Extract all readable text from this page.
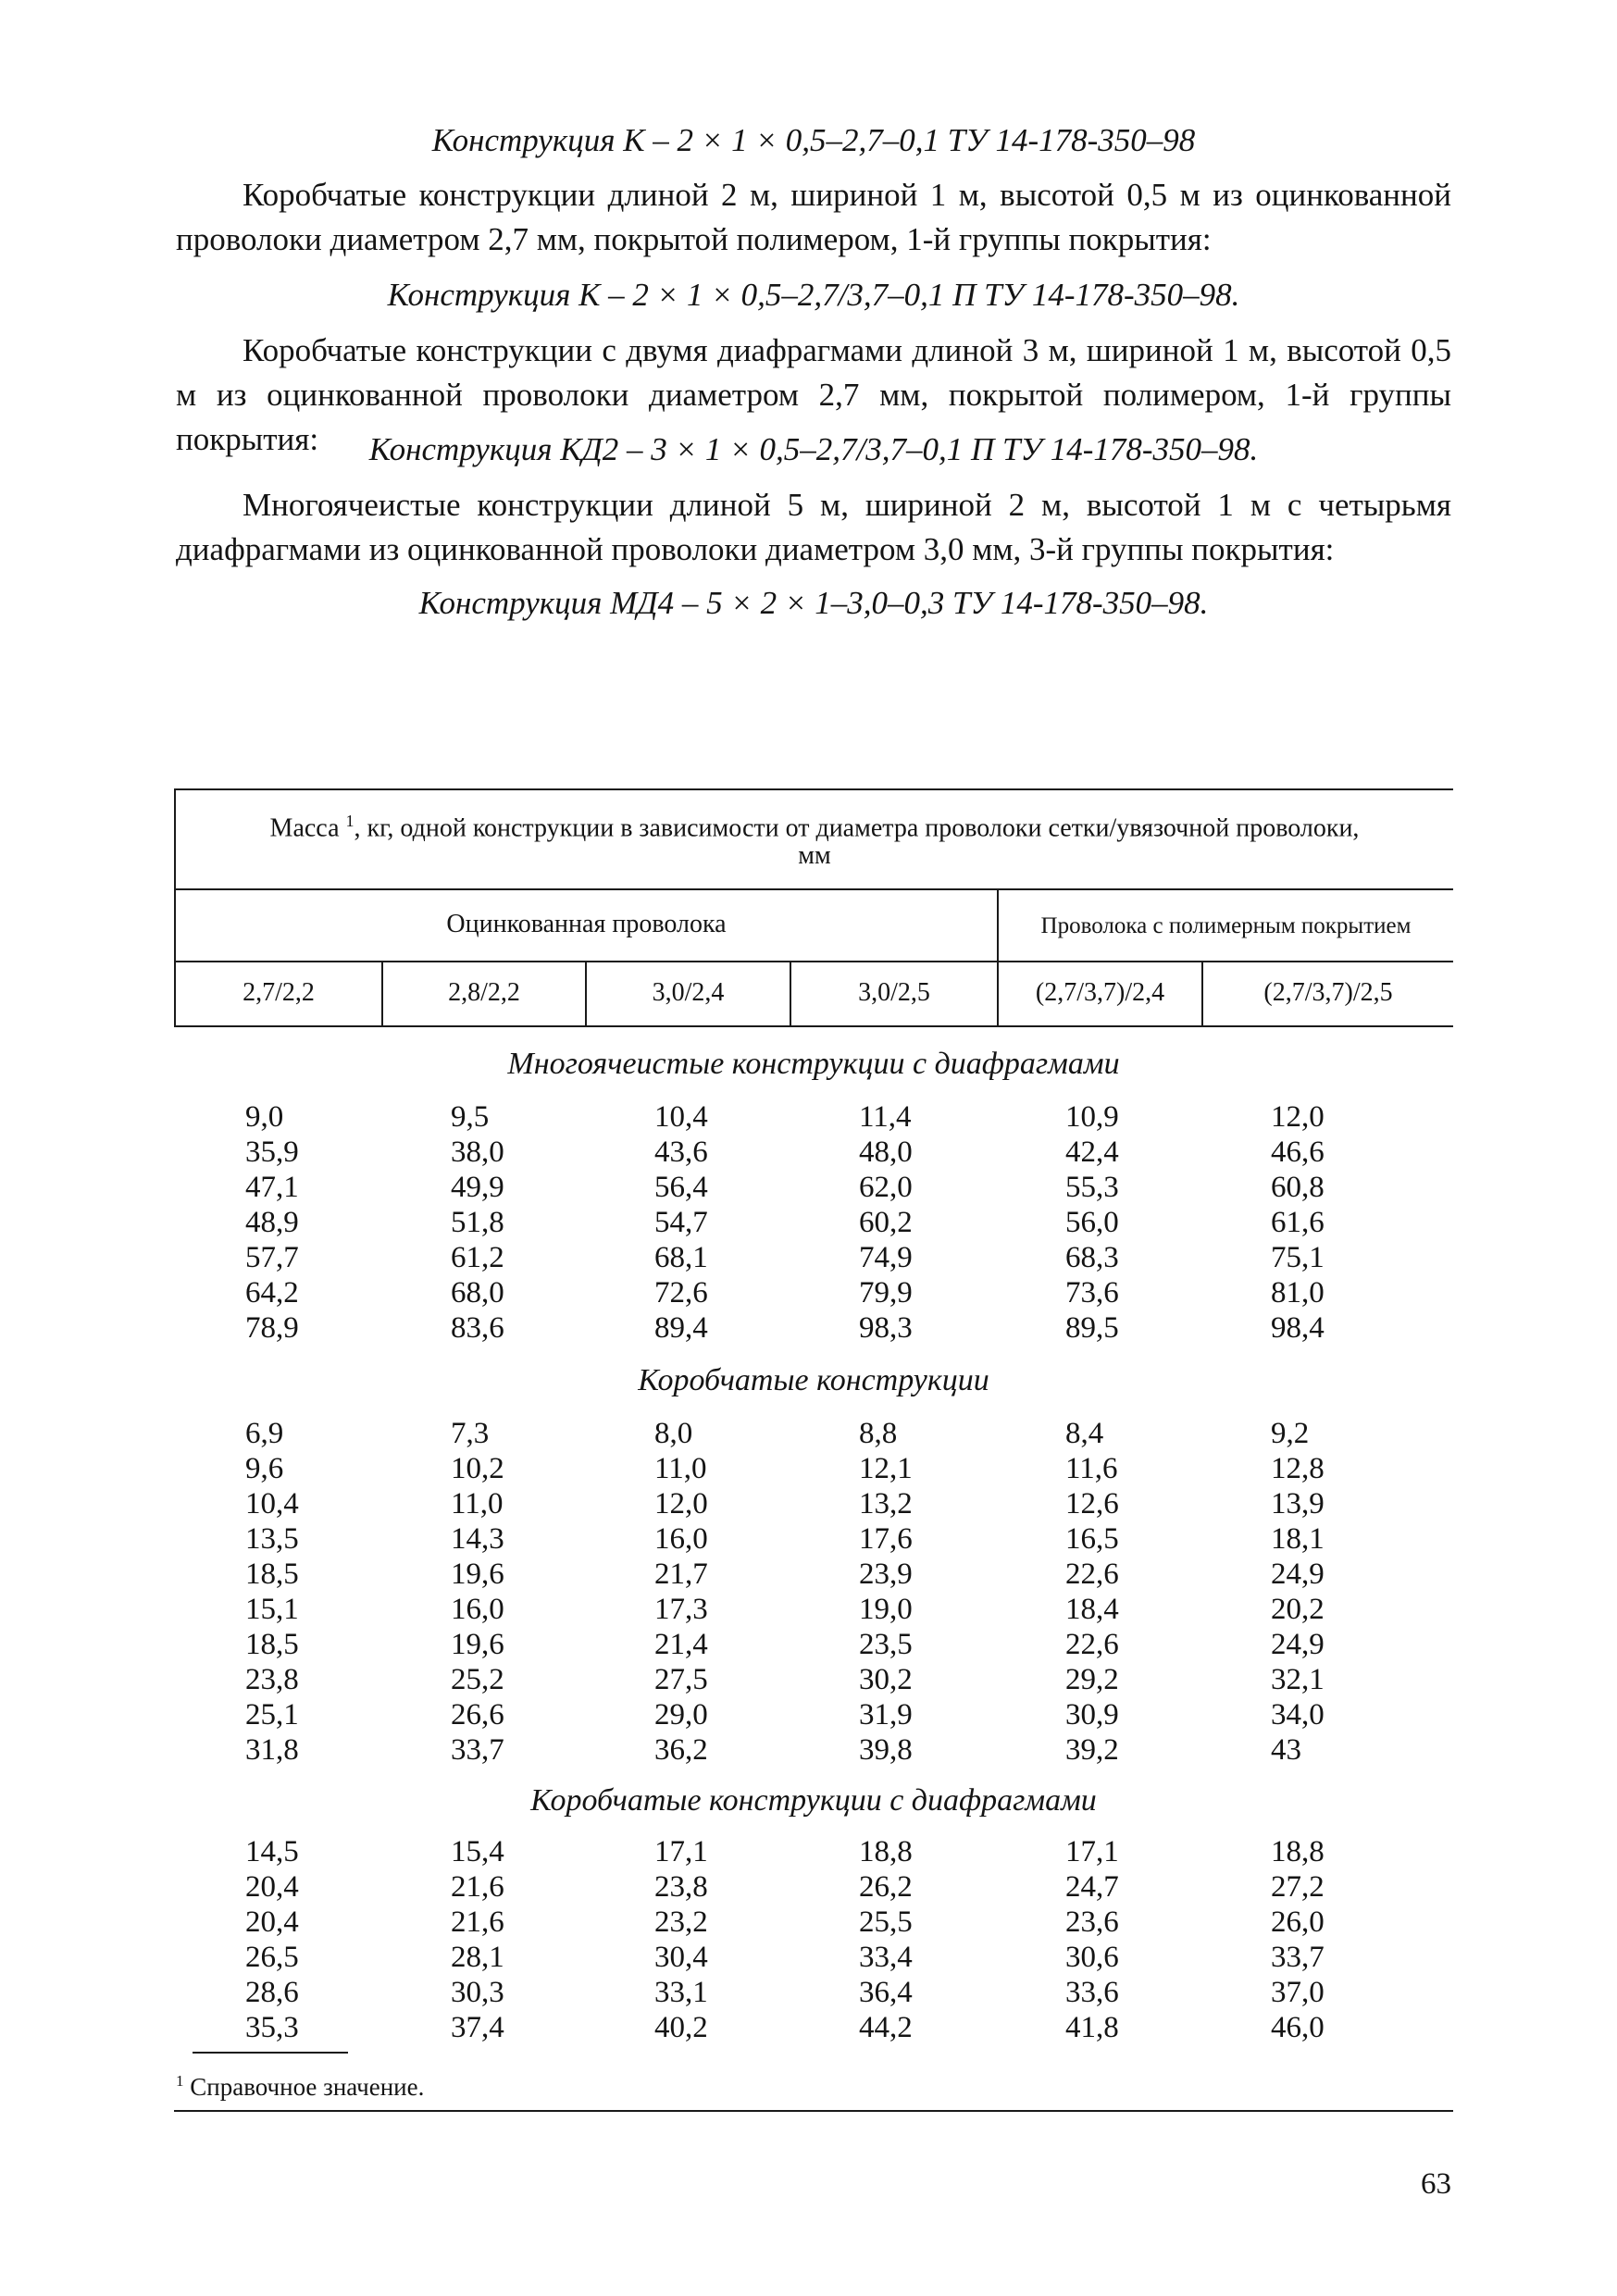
Конструкция К – 2 × 1 × 0,5–2,7–0,1 ТУ 14-178-350–98
Коробчатые конструкции длиной 2 м, шириной 1 м, высотой 0,5 м из оцинкованной проволоки диаметром 2,7 мм, покрытой полимером, 1-й группы покрытия:
Конструкция К – 2 × 1 × 0,5–2,7/3,7–0,1 П ТУ 14-178-350–98.
Коробчатые конструкции с двумя диафрагмами длиной 3 м, шириной 1 м, высотой 0,5 м из оцинкованной проволоки диаметром 2,7 мм, покрытой полимером, 1-й группы покрытия:	Конструкция КД2 – 3 × 1 × 0,5–2,7/3,7–0,1 П ТУ 14-178-350–98.
Многоячеистые конструкции длиной 5 м, шириной 2 м, высотой 1 м с четырьмя диафрагмами из оцинкованной проволоки диаметром 3,0 мм, 3-й группы покрытия:
Конструкция МД4 – 5 × 2 × 1–3,0–0,3 ТУ 14-178-350–98.
Масса $^1$, кг, одной конструкции в зависимости от диаметра проволоки сетки/увязочной проволоки,
мм
Оцинкованная проволока	Проволока с полимерным покрытием
2,7/2,2	2,8/2,2	3,0/2,4	3,0/2,5	(2,7/3,7)/2,4	(2,7/3,7)/2,5
Многоячеистые конструкции с диафрагмами
9,0	9,5	10,4	11,4	10,9	12,0
35,9	38,0	43,6	48,0	42,4	46,6
47,1	49,9	56,4	62,0	55,3	60,8
48,9	51,8	54,7	60,2	56,0	61,6
57,7	61,2	68,1	74,9	68,3	75,1
64,2	68,0	72,6	79,9	73,6	81,0
78,9	83,6	89,4	98,3	89,5	98,4
Коробчатые конструкции
6,9	7,3	8,0	8,8	8,4	9,2
9,6	10,2	11,0	12,1	11,6	12,8
10,4	11,0	12,0	13,2	12,6	13,9
13,5	14,3	16,0	17,6	16,5	18,1
18,5	19,6	21,7	23,9	22,6	24,9
15,1	16,0	17,3	19,0	18,4	20,2
18,5	19,6	21,4	23,5	22,6	24,9
23,8	25,2	27,5	30,2	29,2	32,1
25,1	26,6	29,0	31,9	30,9	34,0
31,8	33,7	36,2	39,8	39,2	43
Коробчатые конструкции с диафрагмами
14,5	15,4	17,1	18,8	17,1	18,8
20,4	21,6	23,8	26,2	24,7	27,2
20,4	21,6	23,2	25,5	23,6	26,0
26,5	28,1	30,4	33,4	30,6	33,7
28,6	30,3	33,1	36,4	33,6	37,0
35,3	37,4	40,2	44,2	41,8	46,0
$^1$ Справочное значение.
63
